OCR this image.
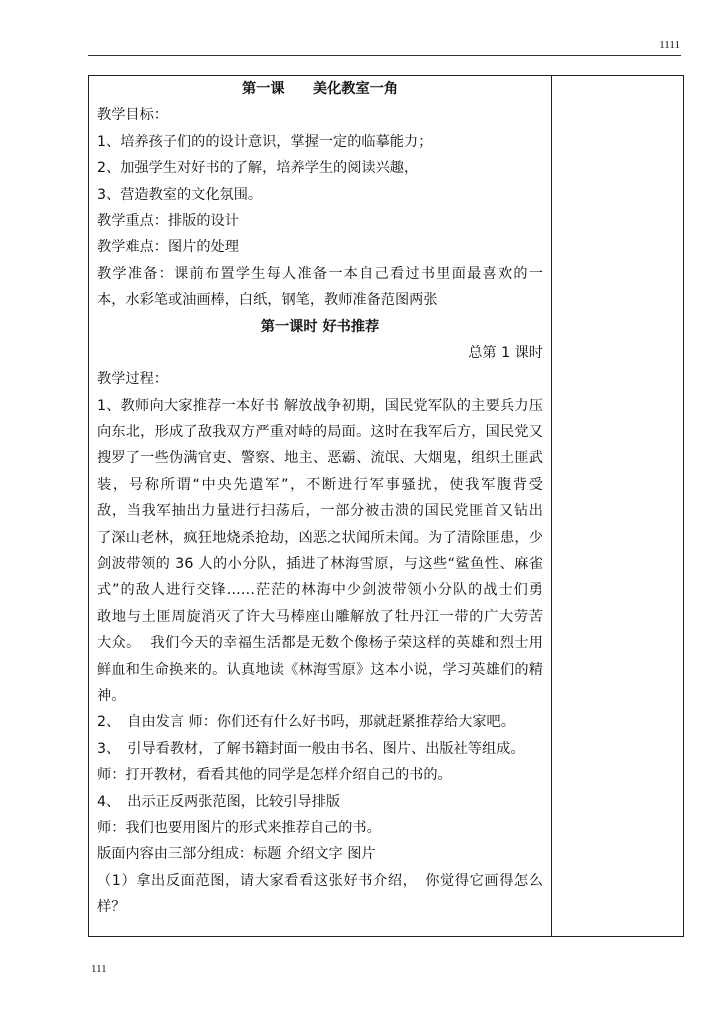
1111
第一课　　美化教室一角
教学目标：
1、培养孩子们的的设计意识，掌握一定的临摹能力；
2、加强学生对好书的了解，培养学生的阅读兴趣，
3、营造教室的文化氛围。
教学重点：排版的设计
教学难点：图片的处理
教学准备：课前布置学生每人准备一本自己看过书里面最喜欢的一
本，水彩笔或油画棒，白纸，钢笔，教师准备范图两张
第一课时 好书推荐
总第 1 课时
教学过程：
1、教师向大家推荐一本好书 解放战争初期，国民党军队的主要兵力压
向东北，形成了敌我双方严重对峙的局面。这时在我军后方，国民党又
搜罗了一些伪满官吏、警察、地主、恶霸、流氓、大烟鬼，组织土匪武
装，号称所谓“中央先遣军”，不断进行军事骚扰，使我军腹背受
敌，当我军抽出力量进行扫荡后，一部分被击溃的国民党匪首又钻出
了深山老林，疯狂地烧杀抢劫，凶恶之状闻所未闻。为了清除匪患，少
剑波带领的 36 人的小分队，插进了林海雪原，与这些“鲨鱼性、麻雀
式”的敌人进行交锋……茫茫的林海中少剑波带领小分队的战士们勇
敢地与土匪周旋消灭了许大马棒座山雕解放了牡丹江一带的广大劳苦
大众。  我们今天的幸福生活都是无数个像杨子荣这样的英雄和烈士用
鲜血和生命换来的。认真地读《林海雪原》这本小说，学习英雄们的精
神。
2、　自由发言 师：你们还有什么好书吗，那就赶紧推荐给大家吧。
3、　引导看教材，了解书籍封面一般由书名、图片、出版社等组成。
师：打开教材，看看其他的同学是怎样介绍自己的书的。
4、　出示正反两张范图，比较引导排版
师：我们也要用图片的形式来推荐自己的书。
版面内容由三部分组成：标题 介绍文字 图片
（1）拿出反面范图，请大家看看这张好书介绍，　你觉得它画得怎么
样？
111
